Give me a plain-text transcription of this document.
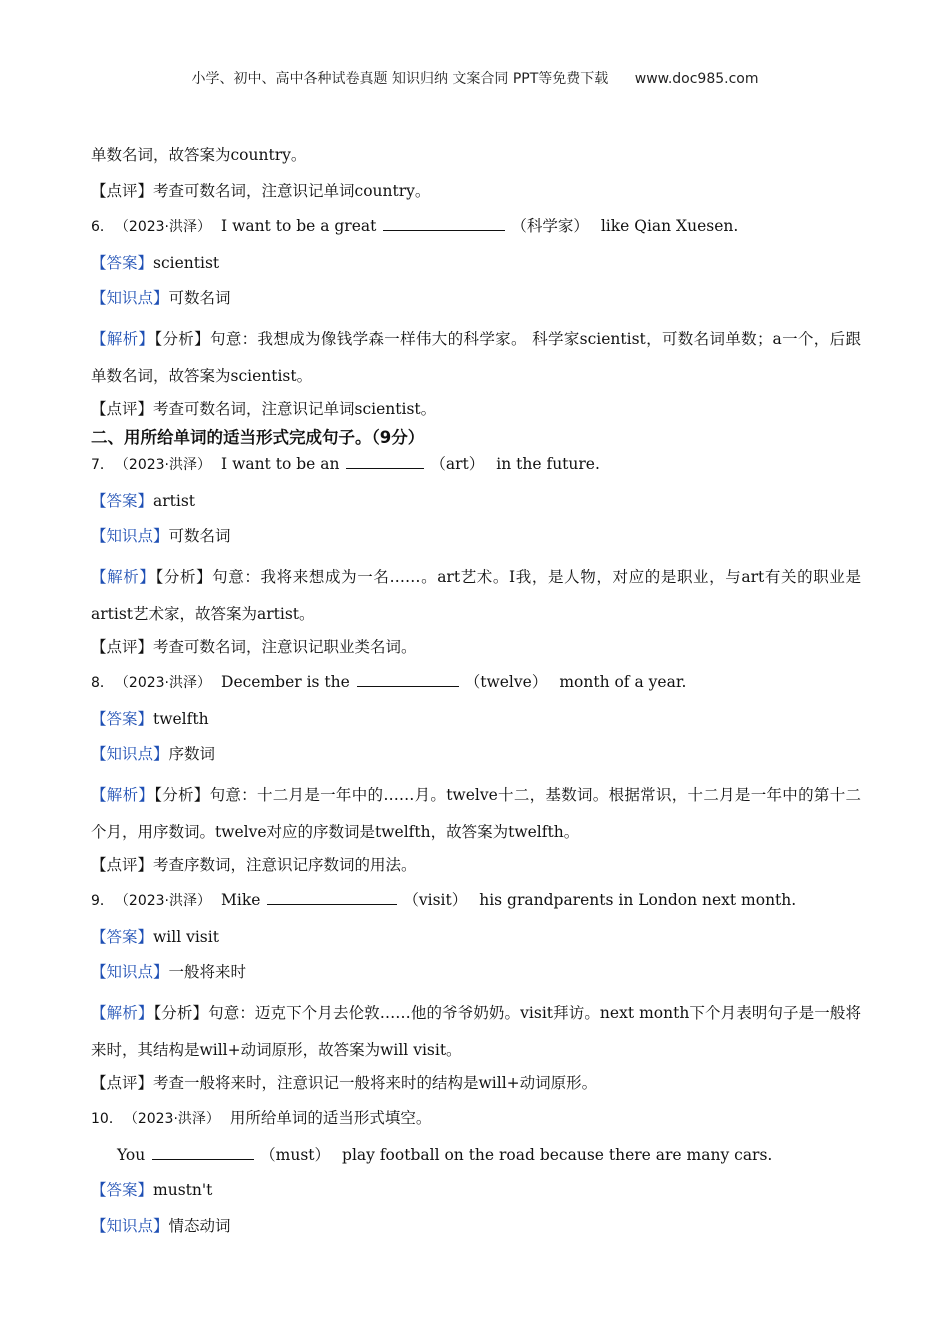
小学、初中、高中各种试卷真题 知识归纳 文案合同 PPT等免费下载 www.doc985.com
单数名词，故答案为country。
【点评】考查可数名词，注意识记单词country。
6． （2023·洪泽） I want to be a great	（科学家） like Qian Xuesen.
【答案】scientist
【知识点】可数名词
【解析】【分析】句意：我想成为像钱学森一样伟大的科学家。 科学家scientist，可数名词单数；a一个，后跟单数名词，故答案为scientist。
【点评】考查可数名词，注意识记单词scientist。
二、用所给单词的适当形式完成句子。（9分）
7． （2023·洪泽） I want to be an	（art） in the future.
【答案】artist
【知识点】可数名词
【解析】【分析】句意：我将来想成为一名……。art艺术。I我，是人物，对应的是职业，与art有关的职业是artist艺术家，故答案为artist。
【点评】考查可数名词，注意识记职业类名词。
8． （2023·洪泽） December is the	（twelve） month of a year.
【答案】twelfth
【知识点】序数词
【解析】【分析】句意：十二月是一年中的……月。twelve十二，基数词。根据常识，十二月是一年中的第十二个月，用序数词。twelve对应的序数词是twelfth，故答案为twelfth。
【点评】考查序数词，注意识记序数词的用法。
9． （2023·洪泽） Mike	（visit） his grandparents in London next month.
【答案】will visit
【知识点】一般将来时
【解析】【分析】句意：迈克下个月去伦敦……他的爷爷奶奶。visit拜访。next month下个月表明句子是一般将来时，其结构是will+动词原形，故答案为will visit。
【点评】考查一般将来时，注意识记一般将来时的结构是will+动词原形。
10． （2023·洪泽） 用所给单词的适当形式填空。
You	（must） play football on the road because there are many cars.
【答案】mustn't
【知识点】情态动词
